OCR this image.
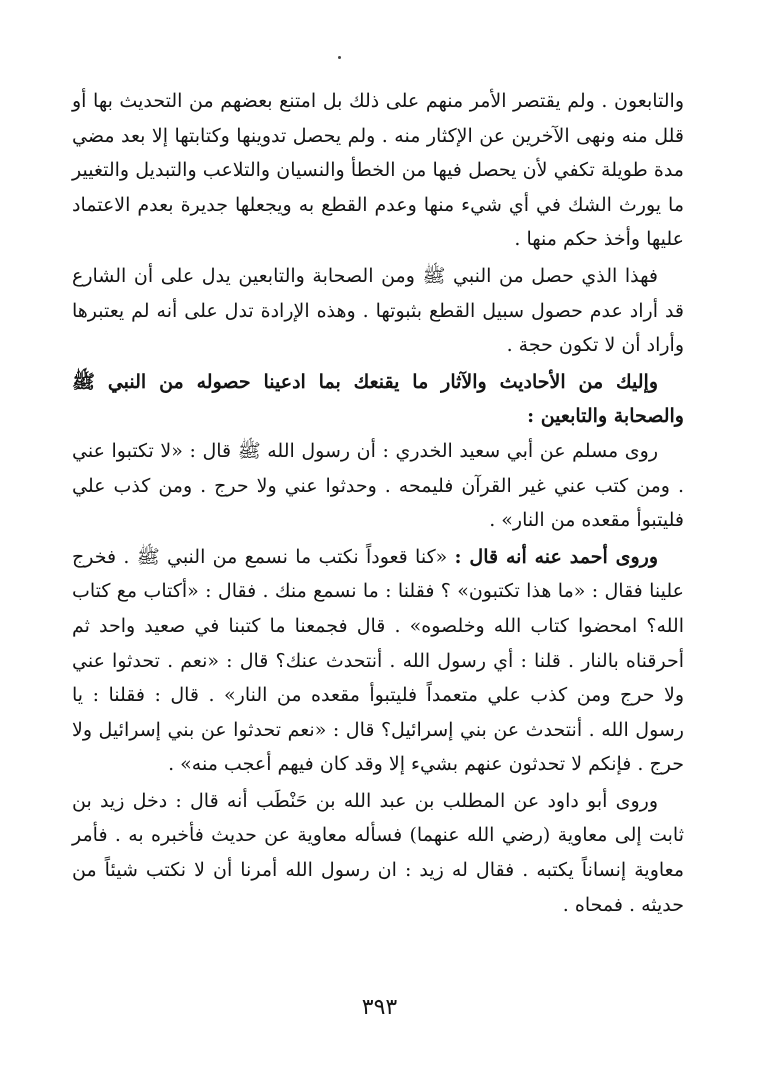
والتابعون . ولم يقتصر الأمر منهم على ذلك بل امتنع بعضهم من التحديث بها أو قلل منه ونهى الآخرين عن الإكثار منه . ولم يحصل تدوينها وكتابتها إلا بعد مضي مدة طويلة تكفي لأن يحصل فيها من الخطأ والنسيان والتلاعب والتبديل والتغيير ما يورث الشك في أي شيء منها وعدم القطع به ويجعلها جديرة بعدم الاعتماد عليها وأخذ حكم منها .

فهذا الذي حصل من النبي ﷺ ومن الصحابة والتابعين يدل على أن الشارع قد أراد عدم حصول سبيل القطع بثبوتها . وهذه الإرادة تدل على أنه لم يعتبرها وأراد أن لا تكون حجة .

وإليك من الأحاديث والآثار ما يقنعك بما ادعينا حصوله من النبي ﷺ والصحابة والتابعين :

روى مسلم عن أبي سعيد الخدري : أن رسول الله ﷺ قال : «لا تكتبوا عني . ومن كتب عني غير القرآن فليمحه . وحدثوا عني ولا حرج . ومن كذب علي فليتبوأ مقعده من النار» .

وروى أحمد عنه أنه قال : «كنا قعوداً نكتب ما نسمع من النبي ﷺ . فخرج علينا فقال : «ما هذا تكتبون» ؟ فقلنا : ما نسمع منك . فقال : «أكتاب مع كتاب الله؟ امحضوا كتاب الله وخلصوه» . قال فجمعنا ما كتبنا في صعيد واحد ثم أحرقناه بالنار . قلنا : أي رسول الله . أنتحدث عنك؟ قال : «نعم . تحدثوا عني ولا حرج ومن كذب علي متعمداً فليتبوأ مقعده من النار» . قال : فقلنا : يا رسول الله . أنتحدث عن بني إسرائيل؟ قال : «نعم تحدثوا عن بني إسرائيل ولا حرج . فإنكم لا تحدثون عنهم بشيء إلا وقد كان فيهم أعجب منه» .

وروى أبو داود عن المطلب بن عبد الله بن حَنْطَب أنه قال : دخل زيد بن ثابت إلى معاوية (رضي الله عنهما) فسأله معاوية عن حديث فأخبره به . فأمر معاوية إنساناً يكتبه . فقال له زيد : ان رسول الله أمرنا أن لا نكتب شيئاً من حديثه . فمحاه .

٣٩٣
